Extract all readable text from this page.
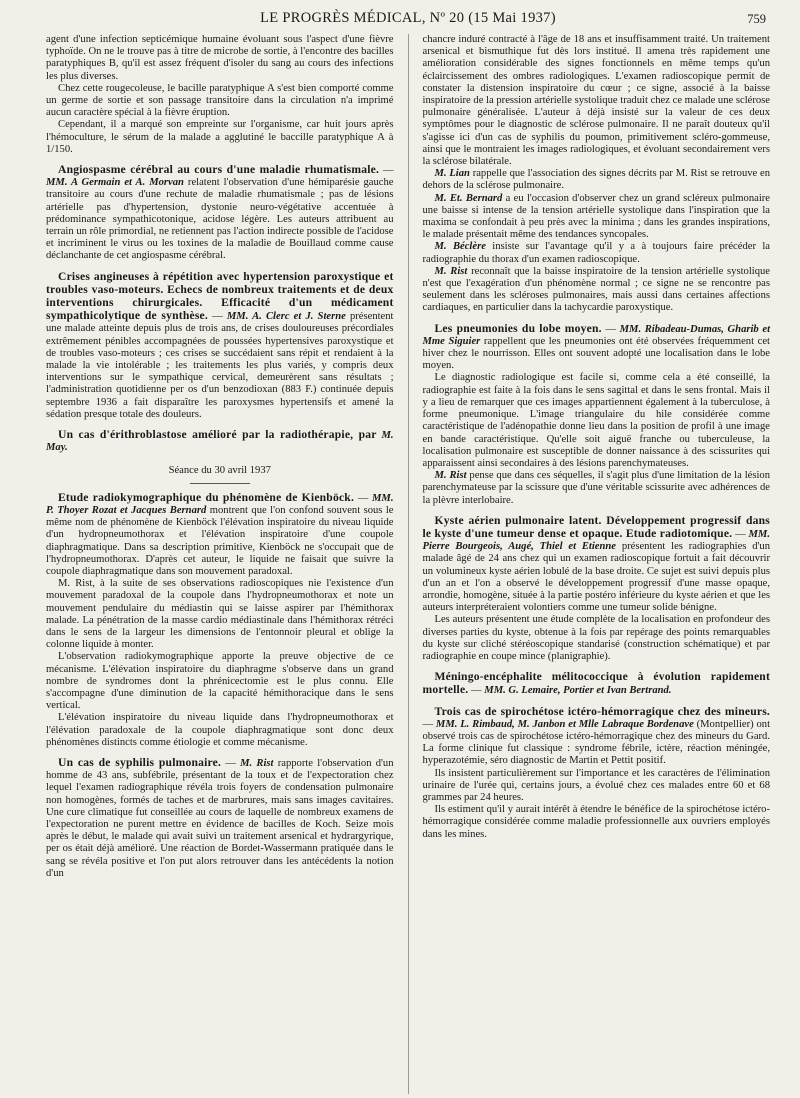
LE PROGRÈS MÉDICAL, Nº 20 (15 Mai 1937)	759

agent d'une infection septicémique humaine évoluant sous l'aspect d'une fièvre typhoïde. On ne le trouve pas à titre de microbe de sortie, à l'encontre des bacilles paratyphiques B, qu'il est assez fréquent d'isoler du sang au cours des infections les plus diverses.

Chez cette rougecoleuse, le bacille paratyphique A s'est bien comporté comme un germe de sortie et son passage transitoire dans la circulation n'a imprimé aucun caractère spécial à la fièvre éruption.

Cependant, il a marqué son empreinte sur l'organisme, car huit jours après l'hémoculture, le sérum de la malade a agglutiné le baccille paratyphique A à 1/150.

Angiospasme cérébral au cours d'une maladie rhumatismale. — MM. A Germain et A. Morvan relatent l'observation d'une hémiparésie gauche transitoire au cours d'une rechute de maladie rhumatismale ; pas de lésions artérielle pas d'hypertension, dystonie neuro-végétative accentuée à prédominance sympathicotonique, acidose légère. Les auteurs attribuent au terrain un rôle primordial, ne retiennent pas l'action indirecte possible de l'acidose et incriminent le virus ou les toxines de la maladie de Bouillaud comme cause déclanchante de cet angiospasme cérébral.

Crises angineuses à répétition avec hypertension paroxystique et troubles vaso-moteurs. Echecs de nombreux traitements et de deux interventions chirurgicales. Efficacité d'un médicament sympathicolytique de synthèse. — MM. A. Clerc et J. Sterne présentent une malade atteinte depuis plus de trois ans, de crises douloureuses précordiales extrêmement pénibles accompagnées de poussées hypertensives paroxystique et de troubles vaso-moteurs ; ces crises se succédaient sans répit et rendaient à la malade la vie intolérable ; les traitements les plus variés, y compris deux interventions sur le sympathique cervical, demeurèrent sans résultats ; l'administration quotidienne per os d'un benzodioxan (883 F.) continuée depuis septembre 1936 a fait disparaître les paroxysmes hypertensifs et amené la sédation presque totale des douleurs.

Un cas d'érithroblastose amélioré par la radiothérapie, par M. May.

Séance du 30 avril 1937

Etude radiokymographique du phénomène de Kienböck. — MM. P. Thoyer Rozat et Jacques Bernard montrent que l'on confond souvent sous le même nom de phénomène de Kienböck l'élévation inspiratoire du niveau liquide d'un hydropneumothorax et l'élévation inspiratoire d'une coupole diaphragmatique. Dans sa description primitive, Kienböck ne s'occupait que de l'hydropneumothorax. D'après cet auteur, le liquide ne faisait que suivre la coupole diaphragmatique dans son mouvement paradoxal.

M. Rist, à la suite de ses observations radioscopiques nie l'existence d'un mouvement paradoxal de la coupole dans l'hydropneumothorax et note un mouvement pendulaire du médiastin qui se laisse aspirer par l'hémithorax malade. La pénétration de la masse cardio médiastinale dans l'hémithorax rétréci dans le sens de la largeur les dimensions de l'entonnoir pleural et oblige la colonne liquide à monter.

L'observation radiokymographique apporte la preuve objective de ce mécanisme. L'élévation inspiratoire du diaphragme s'observe dans un grand nombre de syndromes dont la phrénicectomie est le plus connu. Elle s'accompagne d'une diminution de la capacité hémithoracique dans le sens vertical.

L'élévation inspiratoire du niveau liquide dans l'hydropneumothorax et l'élévation paradoxale de la coupole diaphragmatique sont donc deux phénomènes distincts comme étiologie et comme mécanisme.

Un cas de syphilis pulmonaire. — M. Rist rapporte l'observation d'un homme de 43 ans, subfébrile, présentant de la toux et de l'expectoration chez lequel l'examen radiographique révéla trois foyers de condensation pulmonaire non homogènes, formés de taches et de marbrures, mais sans images cavitaires. Une cure climatique fut conseillée au cours de laquelle de nombreux examens de l'expectoration ne purent mettre en évidence de bacilles de Koch. Seize mois après le début, le malade qui avait suivi un traitement arsenical et hydrargyrique, per os était déjà amélioré. Une réaction de Bordet-Wassermann pratiquée dans le sang se révéla positive et l'on put alors retrouver dans les antécédents la notion d'un

chancre induré contracté à l'âge de 18 ans et insuffisamment traité. Un traitement arsenical et bismuthique fut dès lors institué. Il amena très rapidement une amélioration considérable des signes fonctionnels en même temps qu'un éclaircissement des ombres radiologiques. L'examen radioscopique permit de constater la distension inspiratoire du cœur ; ce signe, associé à la baisse inspiratoire de la pression artérielle systolique traduit chez ce malade une sclérose pulmonaire généralisée. L'auteur à déjà insisté sur la valeur de ces deux symptômes pour le diagnostic de sclérose pulmonaire. Il ne paraît douteux qu'il s'agisse ici d'un cas de syphilis du poumon, primitivement scléro-gommeuse, ainsi que le montraient les images radiologiques, et évoluant secondairement vers la sclérose bilatérale.

M. Lian rappelle que l'association des signes décrits par M. Rist se retrouve en dehors de la sclérose pulmonaire.

M. Et. Bernard a eu l'occasion d'observer chez un grand scléreux pulmonaire une baisse si intense de la tension artérielle systolique dans l'inspiration que la maxima se confondait à peu près avec la minima ; dans les grandes inspirations, le malade présentait même des tendances syncopales.

M. Béclère insiste sur l'avantage qu'il y a à toujours faire précéder la radiographie du thorax d'un examen radioscopique.

M. Rist reconnaît que la baisse inspiratoire de la tension artérielle systolique n'est que l'exagération d'un phénomène normal ; ce signe ne se rencontre pas seulement dans les scléroses pulmonaires, mais aussi dans certaines affections cardiaques, en particulier dans la tachycardie paroxystique.

Les pneumonies du lobe moyen. — MM. Ribadeau-Dumas, Gharib et Mme Siguier rappellent que les pneumonies ont été observées fréquemment cet hiver chez le nourrisson. Elles ont souvent adopté une localisation dans le lobe moyen.

Le diagnostic radiologique est facile si, comme cela a été conseillé, la radiographie est faite à la fois dans le sens sagittal et dans le sens frontal. Mais il y a lieu de remarquer que ces images appartiennent également à la tuberculose, à forme pneumonique. L'image triangulaire du hile considérée comme caractéristique de l'adénopathie donne lieu dans la position de profil à une image en bande caractéristique. Qu'elle soit aiguë franche ou tuberculeuse, la localisation pulmonaire est susceptible de donner naissance à des scissurites qui apparaissent ainsi secondaires à des lésions parenchymateuses.

M. Rist pense que dans ces séquelles, il s'agit plus d'une limitation de la lésion parenchymateuse par la scissure que d'une véritable scissurite avec adhérences de la plèvre interlobaire.

Kyste aérien pulmonaire latent. Développement progressif dans le kyste d'une tumeur dense et opaque. Etude radiotomique. — MM. Pierre Bourgeois, Augé, Thiel et Etienne présentent les radiographies d'un malade âgé de 24 ans chez qui un examen radioscopique fortuit a fait découvrir un volumineux kyste aérien lobulé de la base droite. Ce sujet est suivi depuis plus d'un an et l'on a observé le développement progressif d'une masse opaque, arrondie, homogène, située à la partie postéro inférieure du kyste aérien et que les auteurs interpréteraient volontiers comme une tumeur solide bénigne.

Les auteurs présentent une étude complète de la localisation en profondeur des diverses parties du kyste, obtenue à la fois par repérage des points remarquables du kyste sur cliché stéréoscopique standarisé (construction schématique) et par radiographie en coupe mince (planigraphie).

Méningo-encéphalite mélitococcique à évolution rapidement mortelle. — MM. G. Lemaire, Portier et Ivan Bertrand.

Trois cas de spirochétose ictéro-hémorragique chez des mineurs. — MM. L. Rimbaud, M. Janbon et Mlle Labraque Bordenave (Montpellier) ont observé trois cas de spirochétose ictéro-hémorragique chez des mineurs du Gard. La forme clinique fut classique : syndrome fébrile, ictère, réaction méningée, hyperazotémie, séro diagnostic de Martin et Pettit positif.

Ils insistent particulièrement sur l'importance et les caractères de l'élimination urinaire de l'urée qui, certains jours, a évolué chez ces malades entre 60 et 68 grammes par 24 heures.

Ils estiment qu'il y aurait intérêt à étendre le bénéfice de la spirochétose ictéro-hémorragique considérée comme maladie professionnelle aux ouvriers employés dans les mines.
